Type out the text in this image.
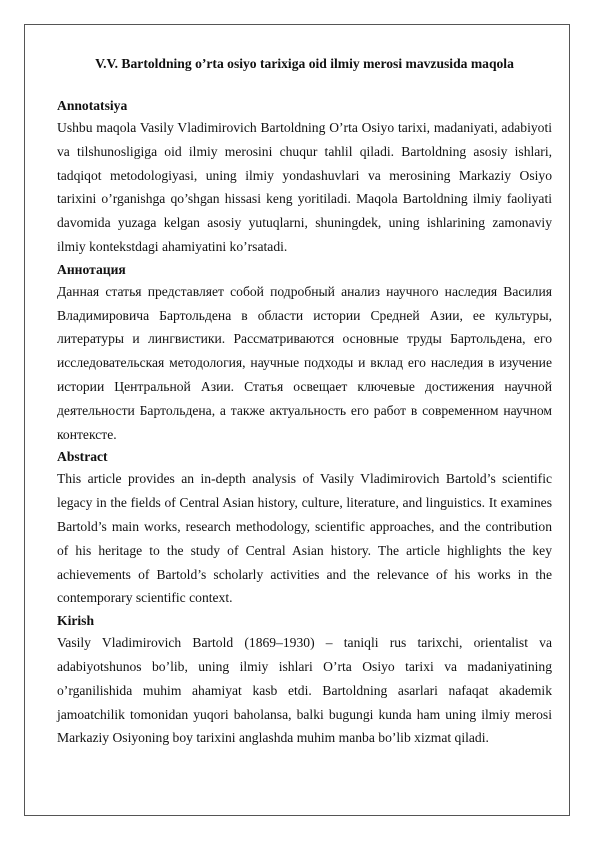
V.V. Bartoldning o’rta osiyo tarixiga oid ilmiy merosi mavzusida maqola
Annotatsiya

Ushbu maqola Vasily Vladimirovich Bartoldning O’rta Osiyo tarixi, madaniyati, adabiyoti va tilshunosligiga oid ilmiy merosini chuqur tahlil qiladi. Bartoldning asosiy ishlari, tadqiqot metodologiyasi, uning ilmiy yondashuvlari va merosining Markaziy Osiyo tarixini o’rganishga qo’shgan hissasi keng yoritiladi. Maqola Bartoldning ilmiy faoliyati davomida yuzaga kelgan asosiy yutuqlarni, shuningdek, uning ishlarining zamonaviy ilmiy kontekstdagi ahamiyatini ko’rsatadi.

Аннотация

Данная статья представляет собой подробный анализ научного наследия Василия Владимировича Бартольдена в области истории Средней Азии, ее культуры, литературы и лингвистики. Рассматриваются основные труды Бартольдена, его исследовательская методология, научные подходы и вклад его наследия в изучение истории Центральной Азии. Статья освещает ключевые достижения научной деятельности Бартольдена, а также актуальность его работ в современном научном контексте.

Abstract

This article provides an in-depth analysis of Vasily Vladimirovich Bartold’s scientific legacy in the fields of Central Asian history, culture, literature, and linguistics. It examines Bartold’s main works, research methodology, scientific approaches, and the contribution of his heritage to the study of Central Asian history. The article highlights the key achievements of Bartold’s scholarly activities and the relevance of his works in the contemporary scientific context.

Kirish

Vasily Vladimirovich Bartold (1869–1930) – taniqli rus tarixchi, orientalist va adabiyotshunos bo’lib, uning ilmiy ishlari O’rta Osiyo tarixi va madaniyatining o’rganilishida muhim ahamiyat kasb etdi. Bartoldning asarlari nafaqat akademik jamoatchilik tomonidan yuqori baholansa, balki bugungi kunda ham uning ilmiy merosi Markaziy Osiyoning boy tarixini anglashda muhim manba bo’lib xizmat qiladi.
